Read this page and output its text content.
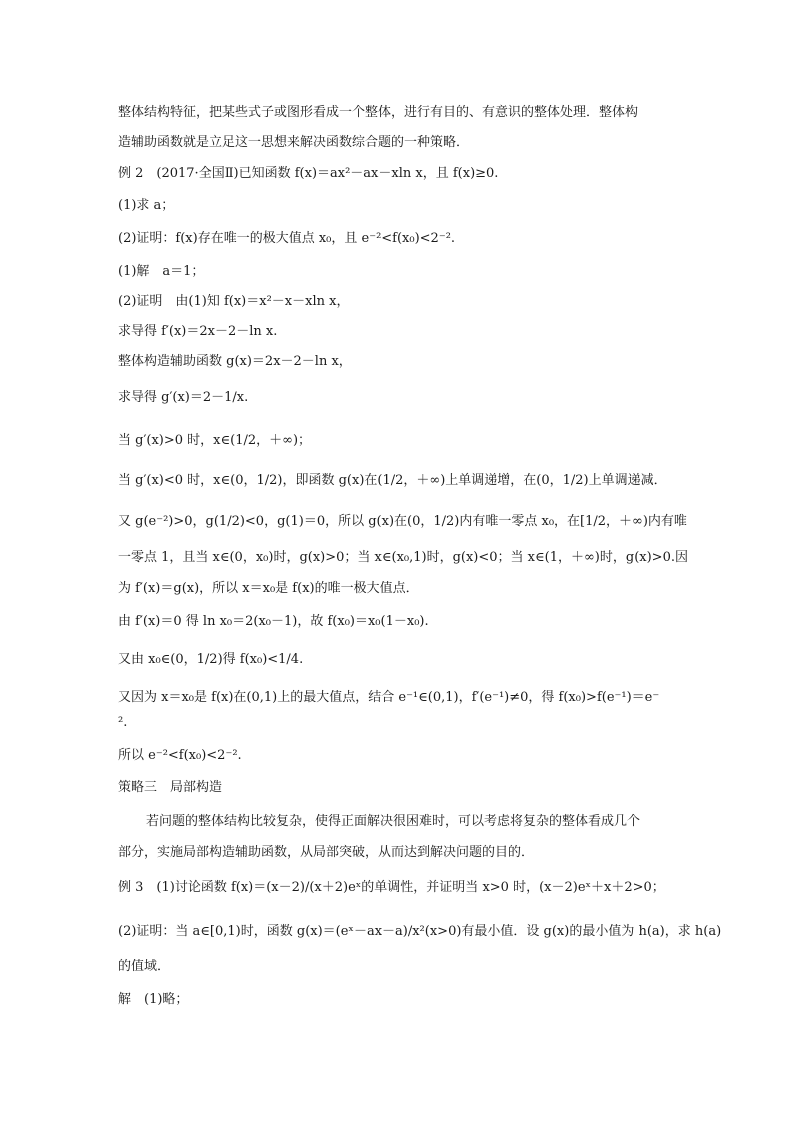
整体结构特征，把某些式子或图形看成一个整体，进行有目的、有意识的整体处理．整体构
造辅助函数就是立足这一思想来解决函数综合题的一种策略．
例 2　(2017·全国Ⅱ)已知函数 f(x)＝ax²－ax－xln x，且 f(x)≥0.
(1)求 a；
(2)证明：f(x)存在唯一的极大值点 x₀，且 e⁻²<f(x₀)<2⁻².
(1)解　a＝1；
(2)证明　由(1)知 f(x)＝x²－x－xln x，
求导得 f′(x)＝2x－2－ln x.
整体构造辅助函数 g(x)＝2x－2－ln x，
求导得 g′(x)＝2－1/x.
当 g′(x)>0 时，x∈(1/2，＋∞)；
当 g′(x)<0 时，x∈(0，1/2)，即函数 g(x)在(1/2，＋∞)上单调递增，在(0，1/2)上单调递减．
又 g(e⁻²)>0，g(1/2)<0，g(1)＝0，所以 g(x)在(0，1/2)内有唯一零点 x₀，在[1/2，＋∞)内有唯
一零点 1，且当 x∈(0，x₀)时，g(x)>0；当 x∈(x₀,1)时，g(x)<0；当 x∈(1，＋∞)时，g(x)>0.因
为 f′(x)＝g(x)，所以 x＝x₀是 f(x)的唯一极大值点．
由 f′(x)＝0 得 ln x₀＝2(x₀－1)，故 f(x₀)＝x₀(1－x₀).
又由 x₀∈(0，1/2)得 f(x₀)<1/4.
又因为 x＝x₀是 f(x)在(0,1)上的最大值点，结合 e⁻¹∈(0,1)，f′(e⁻¹)≠0，得 f(x₀)>f(e⁻¹)＝e⁻
².
所以 e⁻²<f(x₀)<2⁻².
策略三　局部构造
若问题的整体结构比较复杂，使得正面解决很困难时，可以考虑将复杂的整体看成几个
部分，实施局部构造辅助函数，从局部突破，从而达到解决问题的目的．
例 3　(1)讨论函数 f(x)＝(x－2)/(x＋2)eˣ的单调性，并证明当 x>0 时，(x－2)eˣ＋x＋2>0；
(2)证明：当 a∈[0,1)时，函数 g(x)＝(eˣ－ax－a)/x²(x>0)有最小值．设 g(x)的最小值为 h(a)，求 h(a)
的值域．
解　(1)略；
